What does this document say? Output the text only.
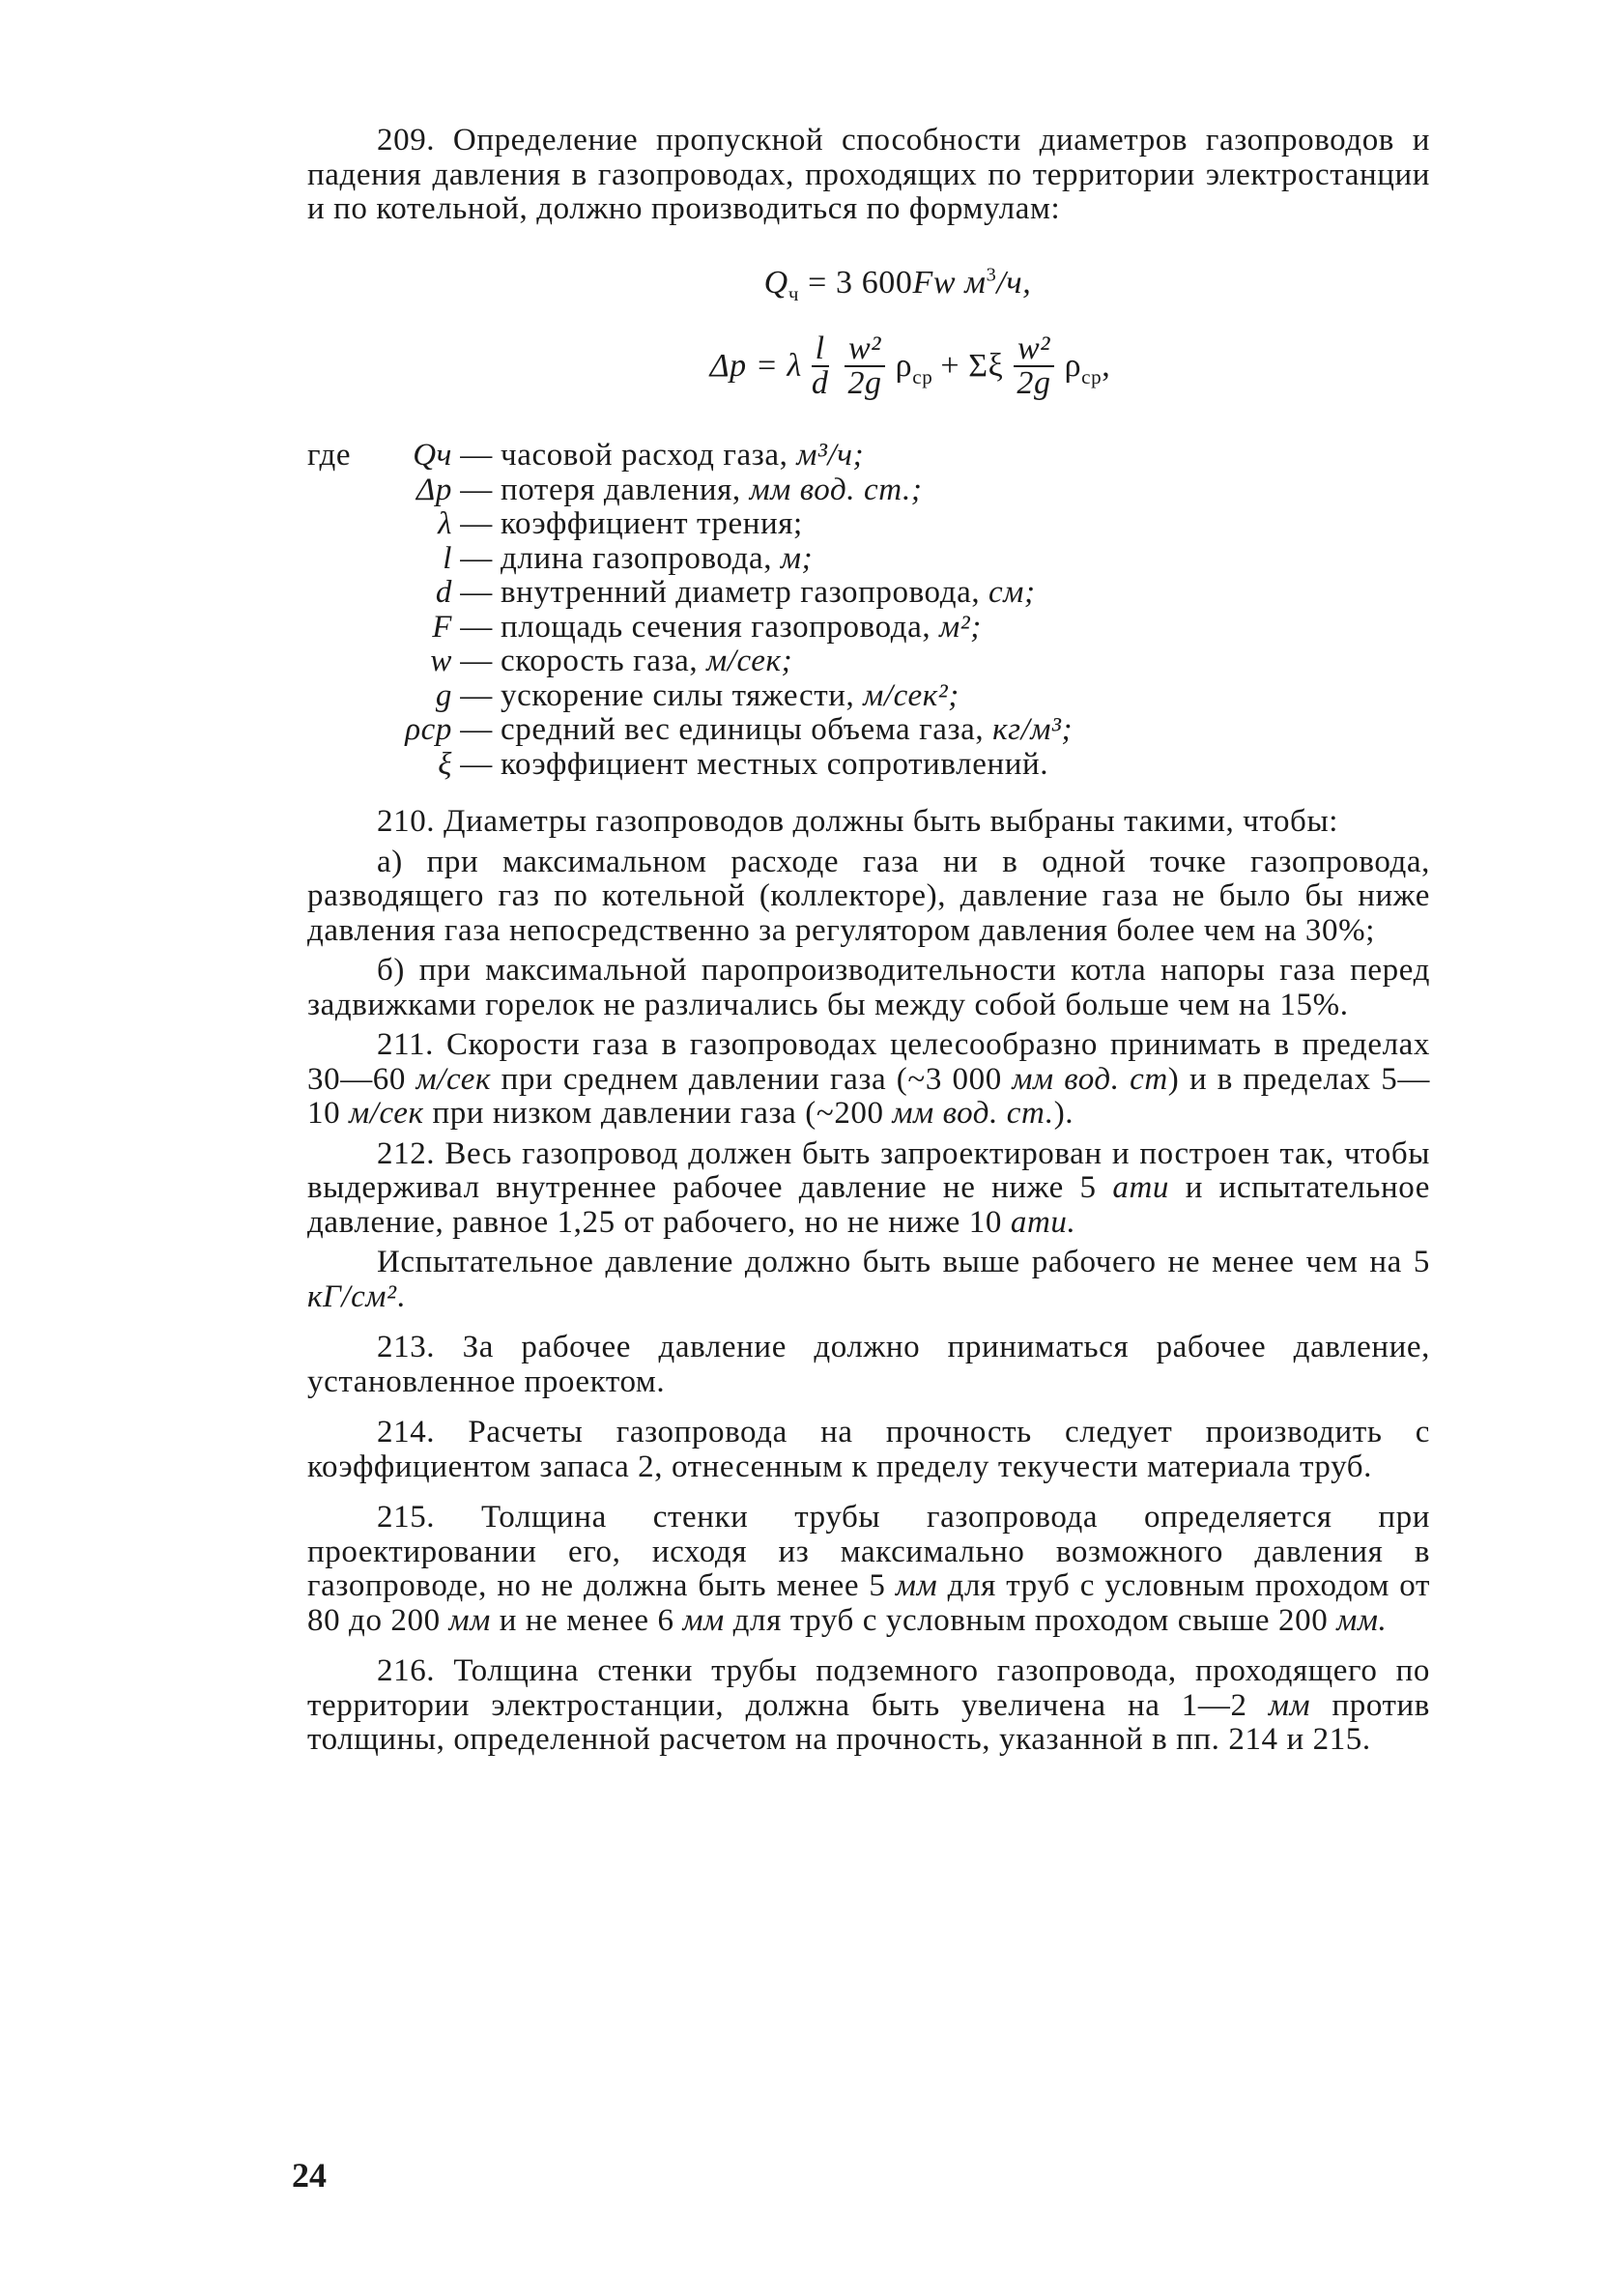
209. Определение пропускной способности диаметров газопроводов и падения давления в газопроводах, проходящих по территории электростанции и по котельной, должно производиться по формулам:

$Q_ч = 3$ 600Fw $м^3/ч$,
Δp = λ $\frac{l}{d} \frac{\text{w²}}{2g} \rho_{ср} + \Sigma\xi \frac{\text{w²}}{2g} \rho_{ср}$,
где	Qч — часовой расход газа, м³/ч;
Δp — потеря давления, мм вод. ст.;
λ — коэффициент трения;
l — длина газопровода, м;
d — внутренний диаметр газопровода, см;
F — площадь сечения газопровода, м²;
w — скорость газа, м/сек;
g — ускорение силы тяжести, м/сек²;
ρср — средний вес единицы объема газа, кг/м³;
ξ — коэффициент местных сопротивлений.

210. Диаметры газопроводов должны быть выбраны такими, чтобы:

а) при максимальном расходе газа ни в одной точке газопровода, разводящего газ по котельной (коллекторе), давление газа не было бы ниже давления газа непосредственно за регулятором давления более чем на 30%;

б) при максимальной паропроизводительности котла напоры газа перед задвижками горелок не различались бы между собой больше чем на 15%.

211. Скорости газа в газопроводах целесообразно принимать в пределах 30—60 м/сек при среднем давлении газа (~3 000 мм вод. ст) и в пределах 5—10 м/сек при низком давлении газа (~200 мм вод. ст.).

212. Весь газопровод должен быть запроектирован и построен так, чтобы выдерживал внутреннее рабочее давление не ниже 5 ати и испытательное давление, равное 1,25 от рабочего, но не ниже 10 ати.

Испытательное давление должно быть выше рабочего не менее чем на 5 кГ/см².

213. За рабочее давление должно приниматься рабочее давление, установленное проектом.

214. Расчеты газопровода на прочность следует производить с коэффициентом запаса 2, отнесенным к пределу текучести материала труб.

215. Толщина стенки трубы газопровода определяется при проектировании его, исходя из максимально возможного давления в газопроводе, но не должна быть менее 5 мм для труб с условным проходом от 80 до 200 мм и не менее 6 мм для труб с условным проходом свыше 200 мм.

216. Толщина стенки трубы подземного газопровода, проходящего по территории электростанции, должна быть увеличена на 1—2 мм против толщины, определенной расчетом на прочность, указанной в пп. 214 и 215.

24
